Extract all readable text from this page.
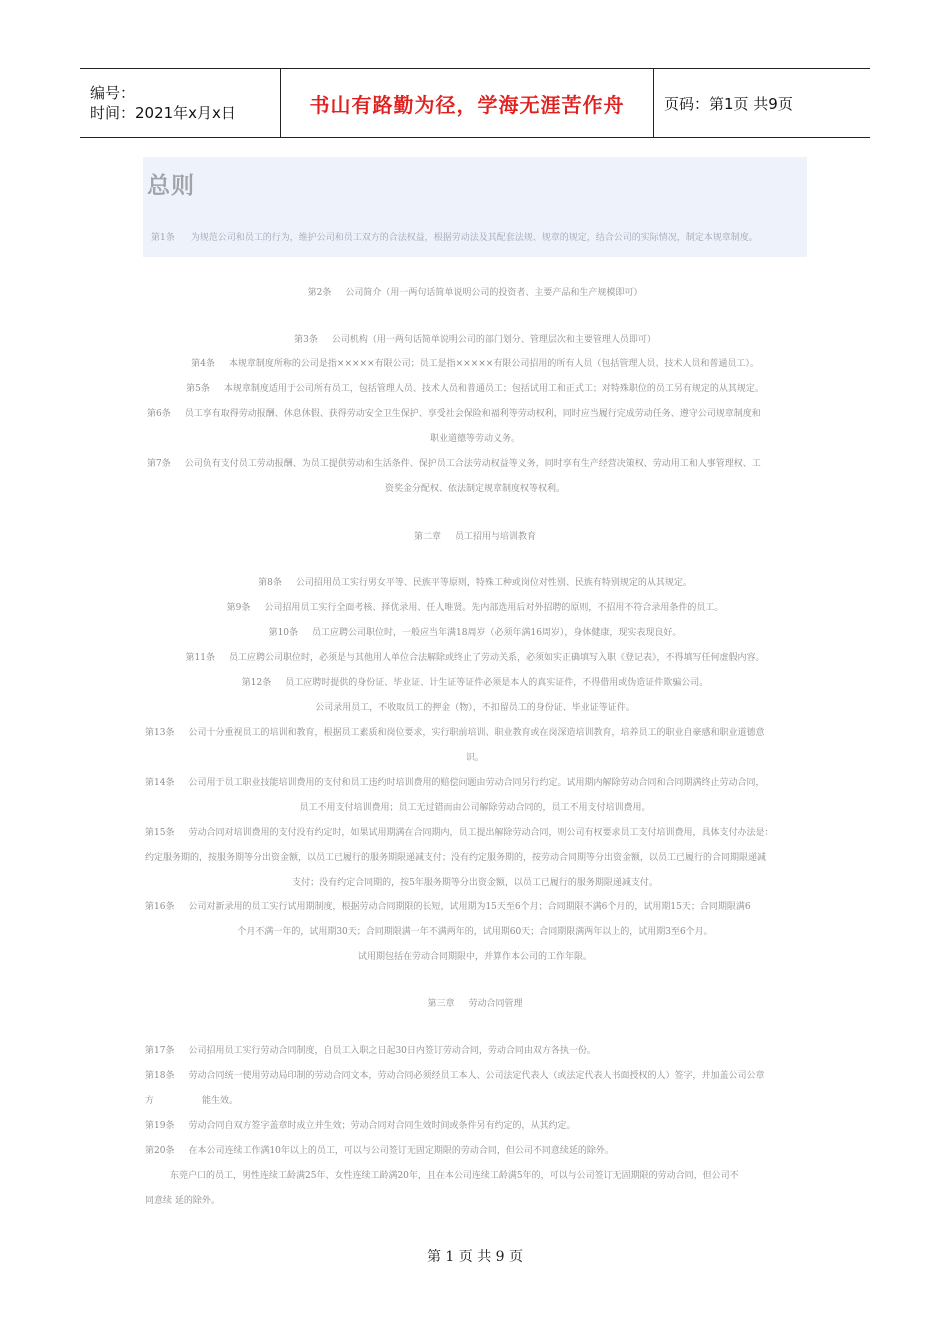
编号：
时间：2021年x月x日	书山有路勤为径，学海无涯苦作舟	页码：第1页 共9页
总则
第1条 为规范公司和员工的行为，维护公司和员工双方的合法权益，根据劳动法及其配套法规、规章的规定，结合公司的实际情况，制定本规章制度。
第2条 公司简介（用一两句话简单说明公司的投资者、主要产品和生产规模即可）
第3条 公司机构（用一两句话简单说明公司的部门划分、管理层次和主要管理人员即可）
第4条 本规章制度所称的公司是指×××××有限公司；员工是指×××××有限公司招用的所有人员（包括管理人员、技术人员和普通员工）。
第5条 本规章制度适用于公司所有员工，包括管理人员、技术人员和普通员工；包括试用工和正式工；对特殊职位的员工另有规定的从其规定。
第6条 员工享有取得劳动报酬、休息休假、获得劳动安全卫生保护、享受社会保险和福利等劳动权利，同时应当履行完成劳动任务、遵守公司规章制度和
职业道德等劳动义务。
第7条 公司负有支付员工劳动报酬、为员工提供劳动和生活条件、保护员工合法劳动权益等义务，同时享有生产经营决策权、劳动用工和人事管理权、工
资奖金分配权、依法制定规章制度权等权利。
第二章 员工招用与培训教育
第8条 公司招用员工实行男女平等、民族平等原则，特殊工种或岗位对性别、民族有特别规定的从其规定。
第9条 公司招用员工实行全面考核、择优录用、任人唯贤。先内部选用后对外招聘的原则，不招用不符合录用条件的员工。
第10条 员工应聘公司职位时，一般应当年满18周岁（必须年满16周岁），身体健康，现实表现良好。
第11条 员工应聘公司职位时，必须是与其他用人单位合法解除或终止了劳动关系，必须如实正确填写入职《登记表》，不得填写任何虚假内容。
第12条 员工应聘时提供的身份证、毕业证、计生证等证件必须是本人的真实证件，不得借用或伪造证件欺骗公司。
公司录用员工，不收取员工的押金（物），不扣留员工的身份证、毕业证等证件。
第13条 公司十分重视员工的培训和教育，根据员工素质和岗位要求，实行职前培训、职业教育或在岗深造培训教育，培养员工的职业自豪感和职业道德意
识。
第14条 公司用于员工职业技能培训费用的支付和员工违约时培训费用的赔偿问题由劳动合同另行约定。试用期内解除劳动合同和合同期满终止劳动合同，
员工不用支付培训费用；员工无过错而由公司解除劳动合同的，员工不用支付培训费用。
第15条 劳动合同对培训费用的支付没有约定时，如果试用期满在合同期内，员工提出解除劳动合同，则公司有权要求员工支付培训费用，具体支付办法是：
约定服务期的，按服务期等分出资金额，以员工已履行的服务期限递减支付；没有约定服务期的，按劳动合同期等分出资金额，以员工已履行的合同期限递减
支付；没有约定合同期的，按5年服务期等分出资金额，以员工已履行的服务期限递减支付。
第16条 公司对新录用的员工实行试用期制度，根据劳动合同期限的长短，试用期为15天至6个月；合同期限不满6个月的，试用期15天；合同期限满6
个月不满一年的，试用期30天；合同期限满一年不满两年的，试用期60天；合同期限满两年以上的，试用期3至6个月。
试用期包括在劳动合同期限中，并算作本公司的工作年限。
第三章 劳动合同管理
第17条 公司招用员工实行劳动合同制度，自员工入职之日起30日内签订劳动合同，劳动合同由双方各执一份。
第18条 劳动合同统一使用劳动局印制的劳动合同文本，劳动合同必须经员工本人、公司法定代表人（或法定代表人书面授权的人）签字，并加盖公司公章
方	能生效。
第19条 劳动合同自双方签字盖章时成立并生效；劳动合同对合同生效时间或条件另有约定的，从其约定。
第20条 在本公司连续工作满10年以上的员工，可以与公司签订无固定期限的劳动合同，但公司不同意续延的除外。
东莞户口的员工，男性连续工龄满25年、女性连续工龄满20年，且在本公司连续工龄满5年的，可以与公司签订无固期限的劳动合同，但公司不
同意续 延的除外。
第 1 页 共 9 页
